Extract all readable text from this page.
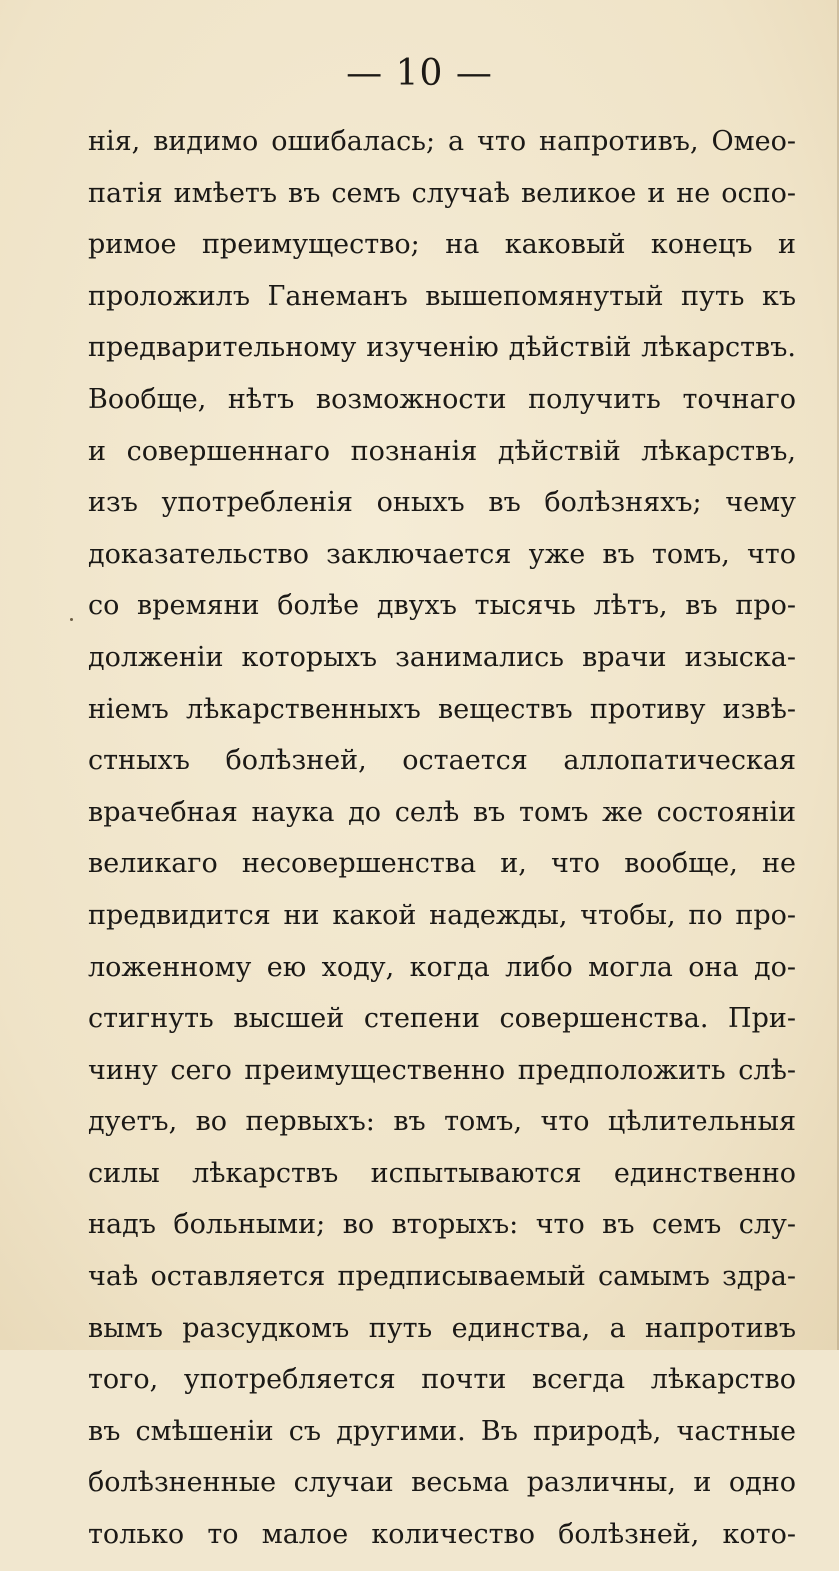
— 10 —
нія, видимо ошибалась; а что напротивъ, Омео-
патія имѣетъ въ семъ случаѣ великое и не оспо-
римое преимущество; на каковый конецъ и
проложилъ Ганеманъ вышепомянутый путь къ
предварительному изученію дѣйствій лѣкарствъ.
Вообще, нѣтъ возможности получить точнаго
и совершеннаго познанія дѣйствій лѣкарствъ,
изъ употребленія оныхъ въ болѣзняхъ; чему
доказательство заключается уже въ томъ, что
со времяни болѣе двухъ тысячь лѣтъ, въ про-
долженіи которыхъ занимались врачи изыска-
ніемъ лѣкарственныхъ веществъ противу извѣ-
стныхъ болѣзней, остается аллопатическая
врачебная наука до селѣ въ томъ же состояніи
великаго несовершенства и, что вообще, не
предвидится ни какой надежды, чтобы, по про-
ложенному ею ходу, когда либо могла она до-
стигнуть высшей степени совершенства. При-
чину сего преимущественно предположить слѣ-
дуетъ, во первыхъ: въ томъ, что цѣлительныя
силы лѣкарствъ испытываются единственно
надъ больными; во вторыхъ: что въ семъ слу-
чаѣ оставляется предписываемый самымъ здра-
вымъ разсудкомъ путь единства, а напротивъ
того, употребляется почти всегда лѣкарство
въ смѣшеніи съ другими. Въ природѣ, частные
болѣзненные случаи весьма различны, и одно
только то малое количество болѣзней, кото-
